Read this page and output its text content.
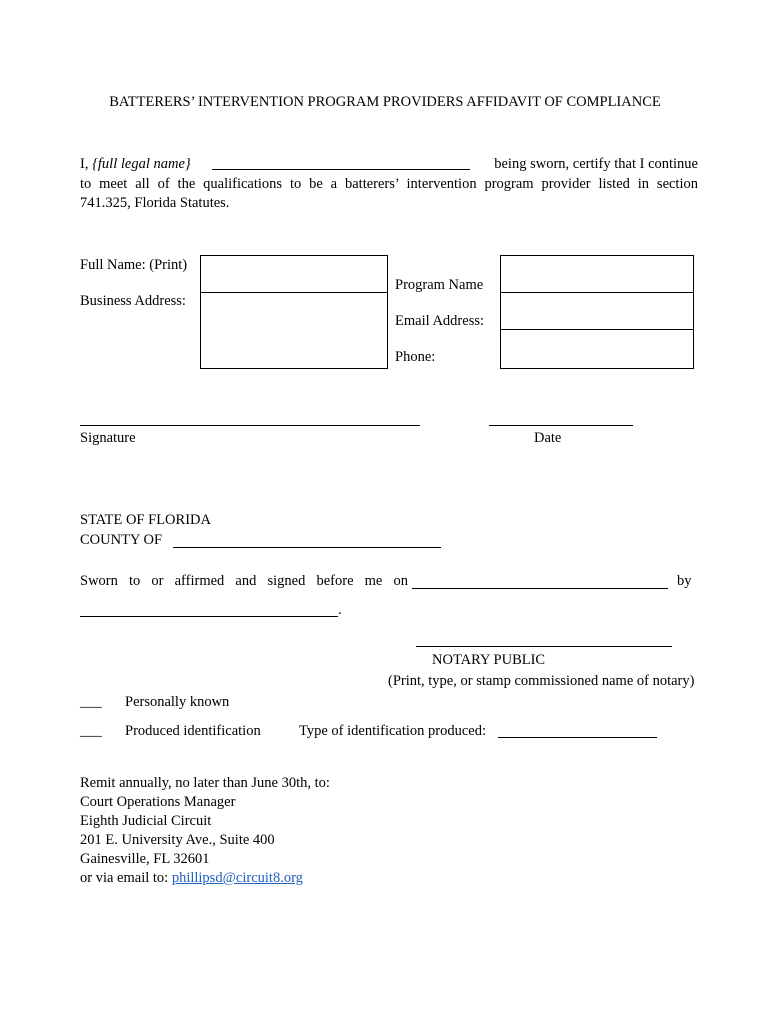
BATTERERS’ INTERVENTION PROGRAM PROVIDERS AFFIDAVIT OF COMPLIANCE
I, {full legal name}	being sworn, certify that I continue
to meet all of the qualifications to be a batterers’ intervention program provider listed in section
741.325, Florida Statutes.
Full Name: (Print)
Business Address:
Program Name
Email Address:
Phone:
Signature	Date
STATE OF FLORIDA
COUNTY OF
Sworn to or affirmed and signed before me on	by
.
NOTARY PUBLIC
(Print, type, or stamp commissioned name of notary)
___ Personally known
___ Produced identification	Type of identification produced:
Remit annually, no later than June 30th, to:
Court Operations Manager
Eighth Judicial Circuit
201 E. University Ave., Suite 400
Gainesville, FL 32601
or via email to: phillipsd@circuit8.org
